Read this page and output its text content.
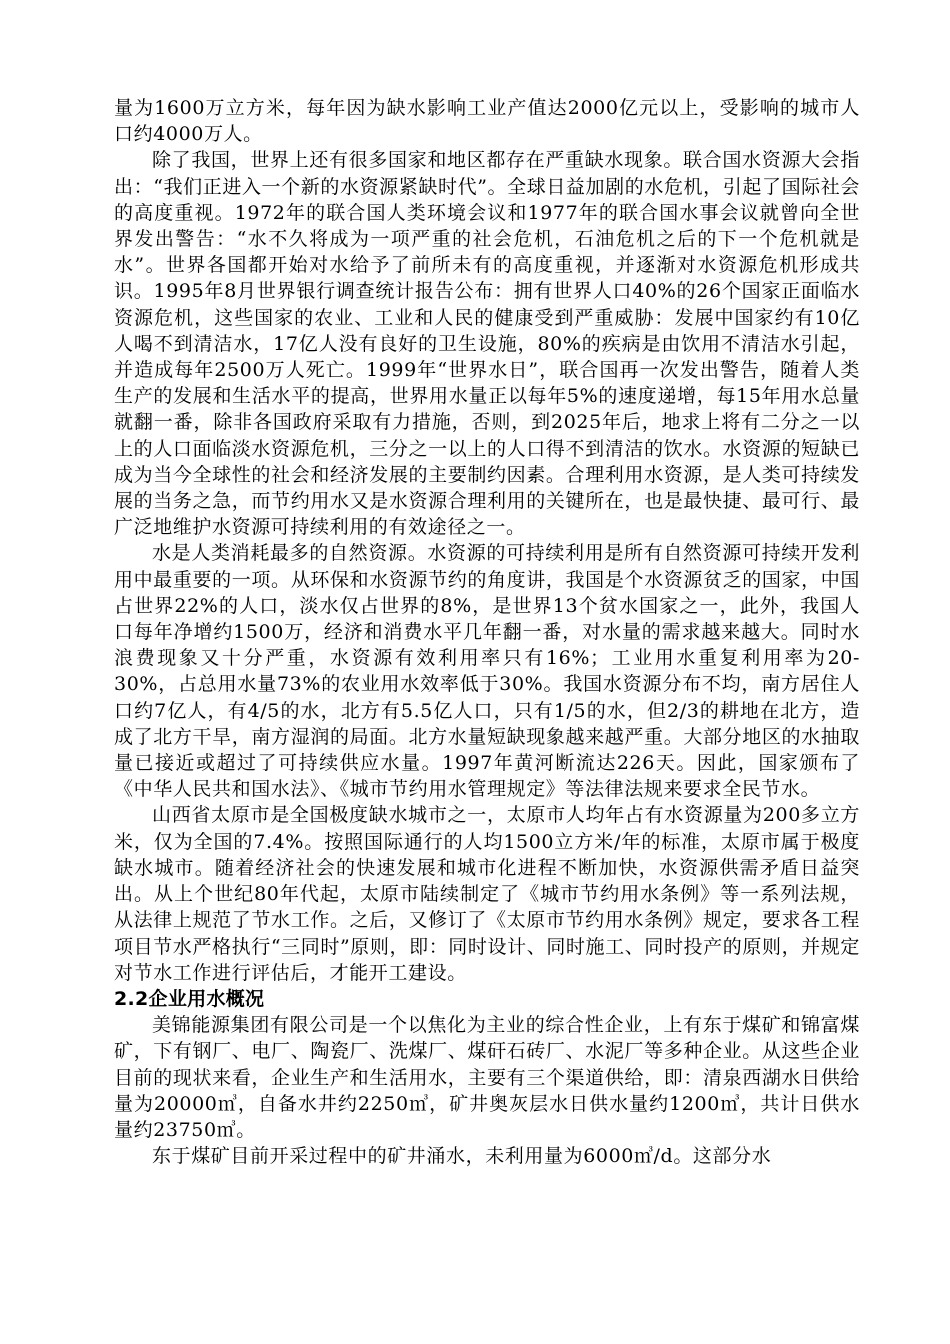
量为1600万立方米，每年因为缺水影响工业产值达2000亿元以上，受影响的城市人口约4000万人。

除了我国，世界上还有很多国家和地区都存在严重缺水现象。联合国水资源大会指出：“我们正进入一个新的水资源紧缺时代”。全球日益加剧的水危机，引起了国际社会的高度重视。1972年的联合国人类环境会议和1977年的联合国水事会议就曾向全世界发出警告：“水不久将成为一项严重的社会危机，石油危机之后的下一个危机就是水”。世界各国都开始对水给予了前所未有的高度重视，并逐渐对水资源危机形成共识。1995年8月世界银行调查统计报告公布：拥有世界人口40%的26个国家正面临水资源危机，这些国家的农业、工业和人民的健康受到严重威胁：发展中国家约有10亿人喝不到清洁水，17亿人没有良好的卫生设施，80%的疾病是由饮用不清洁水引起，并造成每年2500万人死亡。1999年“世界水日”，联合国再一次发出警告，随着人类生产的发展和生活水平的提高，世界用水量正以每年5%的速度递增，每15年用水总量就翻一番，除非各国政府采取有力措施，否则，到2025年后，地求上将有二分之一以上的人口面临淡水资源危机，三分之一以上的人口得不到清洁的饮水。水资源的短缺已成为当今全球性的社会和经济发展的主要制约因素。合理利用水资源，是人类可持续发展的当务之急，而节约用水又是水资源合理利用的关键所在，也是最快捷、最可行、最广泛地维护水资源可持续利用的有效途径之一。

水是人类消耗最多的自然资源。水资源的可持续利用是所有自然资源可持续开发利用中最重要的一项。从环保和水资源节约的角度讲，我国是个水资源贫乏的国家，中国占世界22%的人口，淡水仅占世界的8%，是世界13个贫水国家之一，此外，我国人口每年净增约1500万，经济和消费水平几年翻一番，对水量的需求越来越大。同时水浪费现象又十分严重，水资源有效利用率只有16%；工业用水重复利用率为20-30%，占总用水量73%的农业用水效率低于30%。我国水资源分布不均，南方居住人口约7亿人，有4/5的水，北方有5.5亿人口，只有1/5的水，但2/3的耕地在北方，造成了北方干旱，南方湿润的局面。北方水量短缺现象越来越严重。大部分地区的水抽取量已接近或超过了可持续供应水量。1997年黄河断流达226天。因此，国家颁布了《中华人民共和国水法》、《城市节约用水管理规定》等法律法规来要求全民节水。

山西省太原市是全国极度缺水城市之一，太原市人均年占有水资源量为200多立方米，仅为全国的7.4%。按照国际通行的人均1500立方米/年的标准，太原市属于极度缺水城市。随着经济社会的快速发展和城市化进程不断加快，水资源供需矛盾日益突出。从上个世纪80年代起，太原市陆续制定了《城市节约用水条例》等一系列法规，从法律上规范了节水工作。之后，又修订了《太原市节约用水条例》规定，要求各工程项目节水严格执行“三同时”原则，即：同时设计、同时施工、同时投产的原则，并规定对节水工作进行评估后，才能开工建设。

2.2企业用水概况

美锦能源集团有限公司是一个以焦化为主业的综合性企业，上有东于煤矿和锦富煤矿，下有钢厂、电厂、陶瓷厂、洗煤厂、煤矸石砖厂、水泥厂等多种企业。从这些企业目前的现状来看，企业生产和生活用水，主要有三个渠道供给，即：清泉西湖水日供给量为20000㎥，自备水井约2250㎥，矿井奥灰层水日供水量约1200㎥，共计日供水量约23750㎥。

东于煤矿目前开采过程中的矿井涌水，未利用量为6000㎥/d。这部分水
